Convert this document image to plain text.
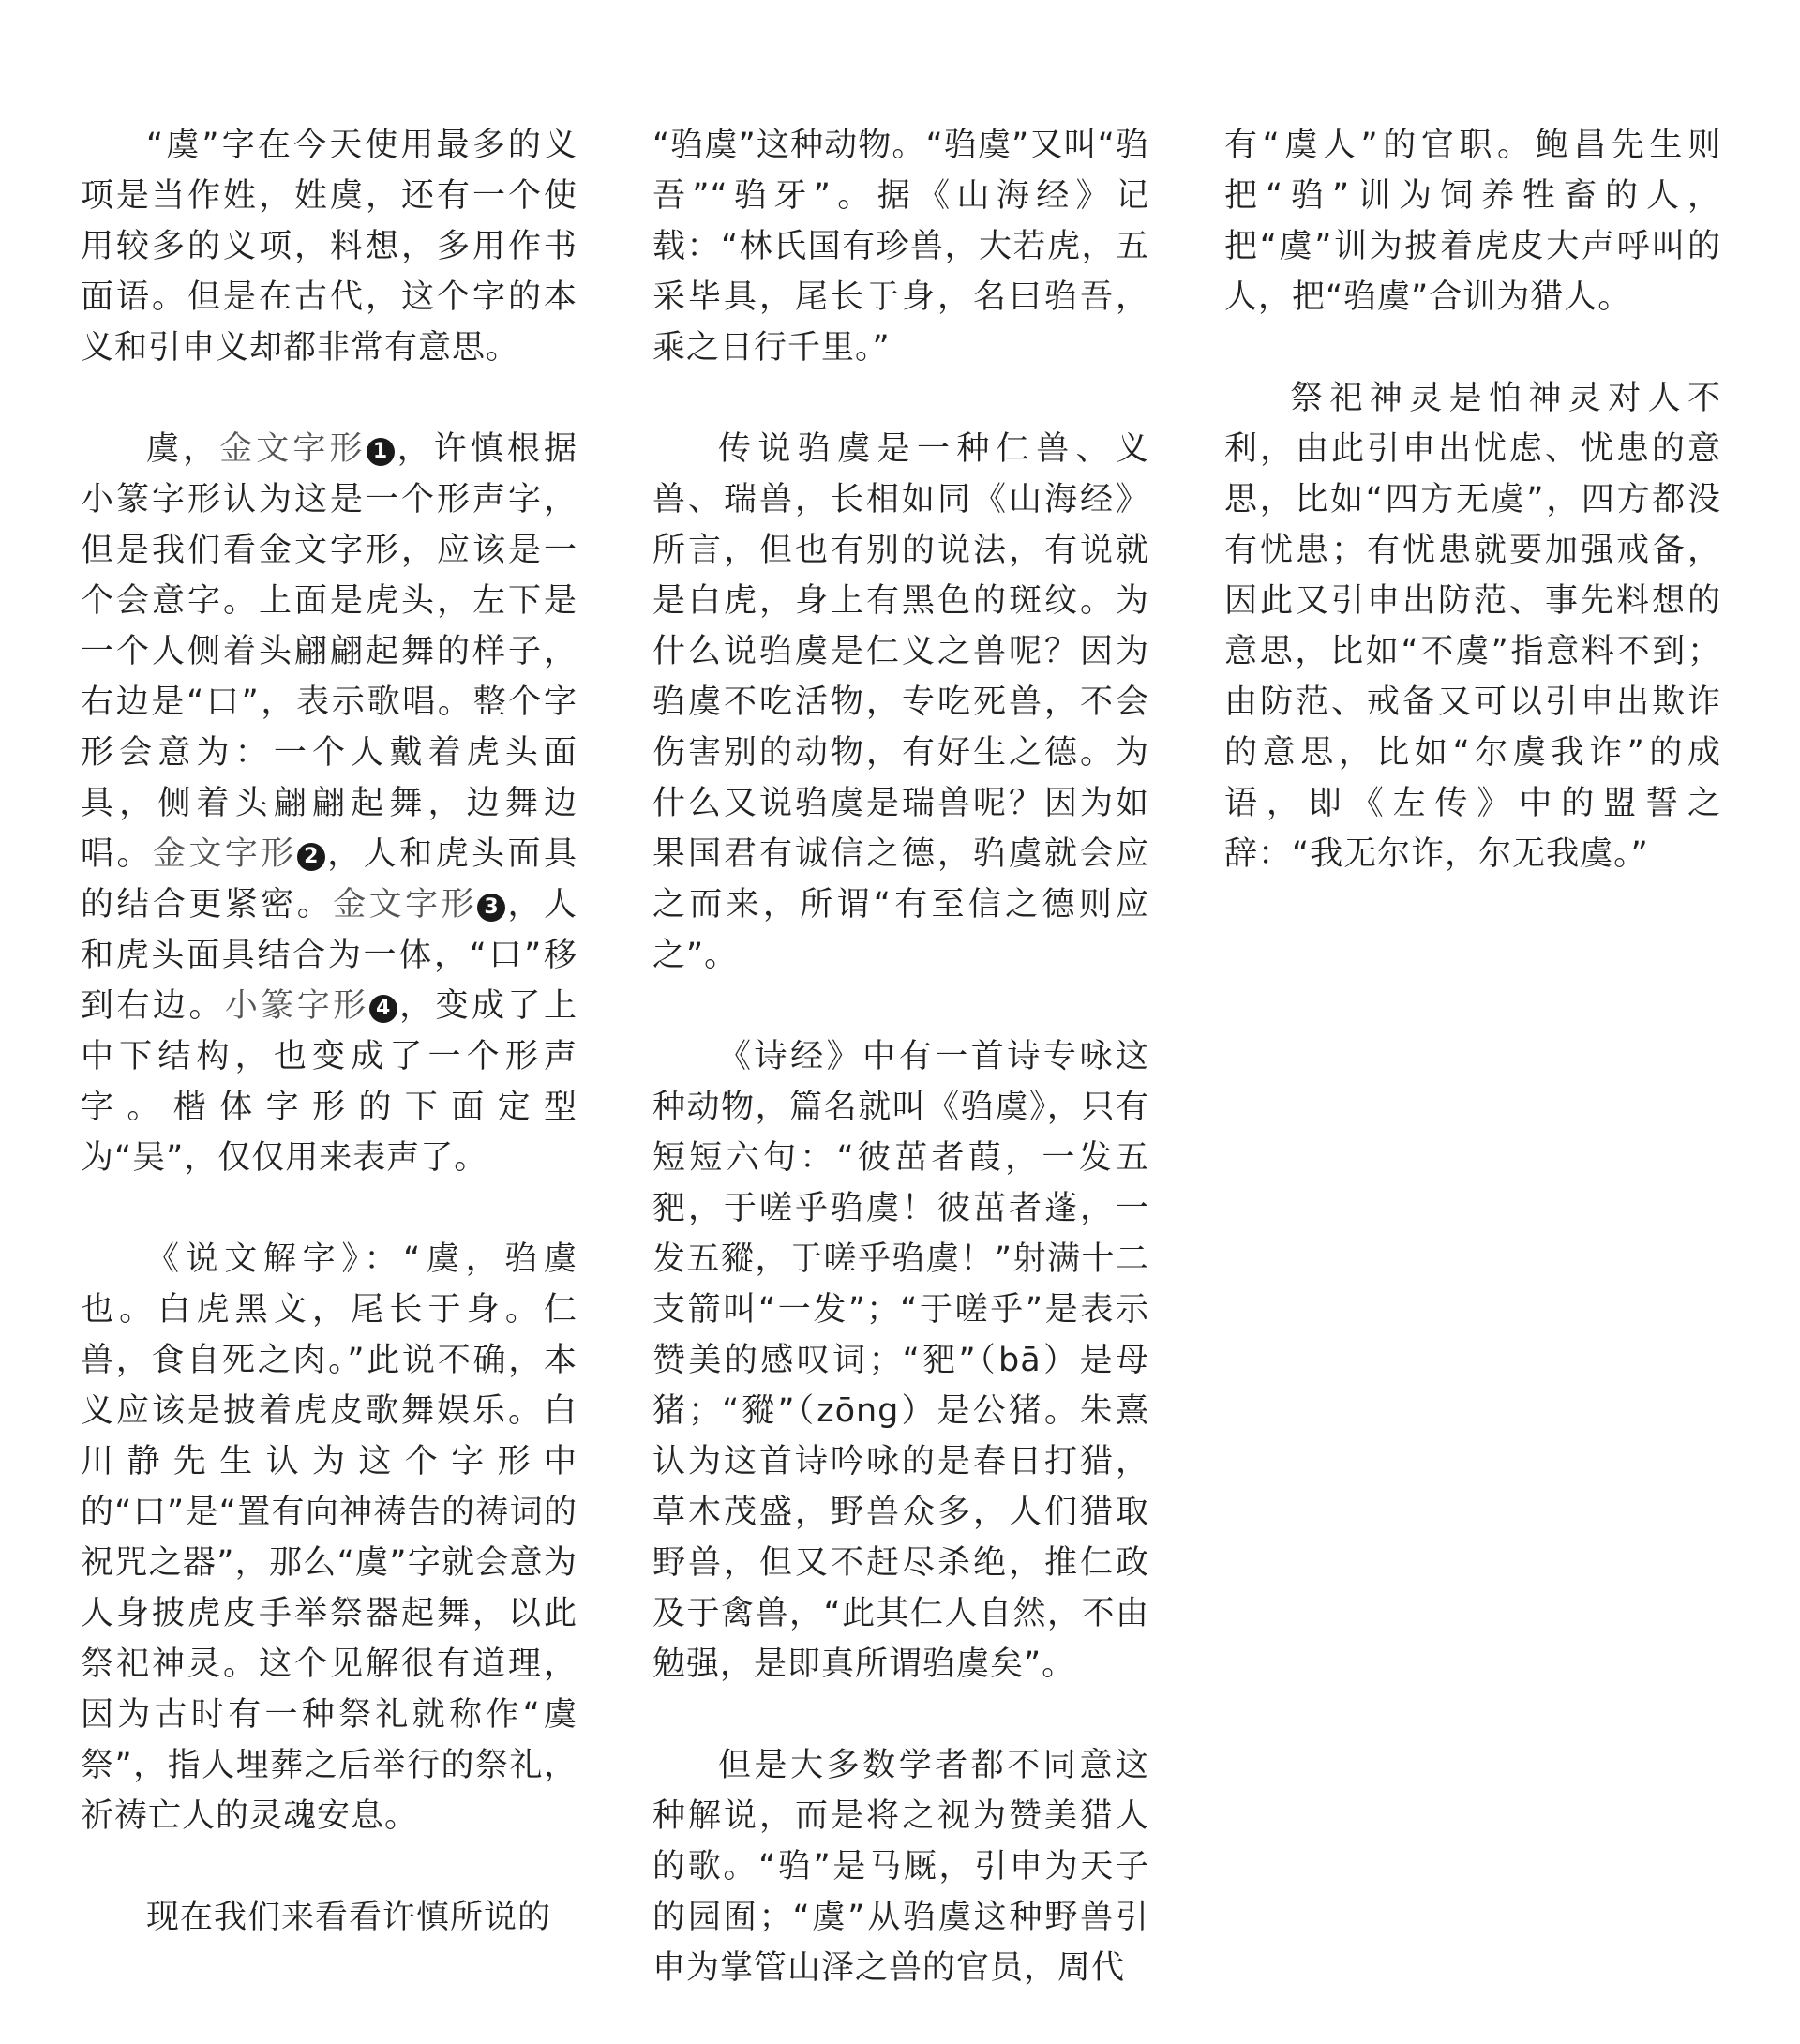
“虞”字在今天使用最多的义项是当作姓，姓虞，还有一个使用较多的义项，料想，多用作书面语。但是在古代，这个字的本义和引申义却都非常有意思。

虞，金文字形 1 ，许慎根据小篆字形认为这是一个形声字，但是我们看金文字形，应该是一个会意字。上面是虎头，左下是一个人侧着头翩翩起舞的样子，右边是“口”，表示歌唱。整个字形会意为：一个人戴着虎头面具，侧着头翩翩起舞，边舞边唱。金文字形 2 ，人和虎头面具的结合更紧密。金文字形 3 ，人和虎头面具结合为一体，“口”移到右边。小篆字形 4 ，变成了上中下结构，也变成了一个形声字。楷体字形的下面定型为“吴”，仅仅用来表声了。

《说文解字》：“虞，驺虞也。白虎黑文，尾长于身。仁兽，食自死之肉。”此说不确，本义应该是披着虎皮歌舞娱乐。白川静先生认为这个字形中的“口”是“置有向神祷告的祷词的祝咒之器”，那么“虞”字就会意为人身披虎皮手举祭器起舞，以此祭祀神灵。这个见解很有道理，因为古时有一种祭礼就称作“虞祭”，指人埋葬之后举行的祭礼，祈祷亡人的灵魂安息。

现在我们来看看许慎所说的

“驺虞”这种动物。“驺虞”又叫“驺吾”“驺牙”。据《山海经》记载：“林氏国有珍兽，大若虎，五采毕具，尾长于身，名曰驺吾，乘之日行千里。”

传说驺虞是一种仁兽、义兽、瑞兽，长相如同《山海经》所言，但也有别的说法，有说就是白虎，身上有黑色的斑纹。为什么说驺虞是仁义之兽呢？因为驺虞不吃活物，专吃死兽，不会伤害别的动物，有好生之德。为什么又说驺虞是瑞兽呢？因为如果国君有诚信之德，驺虞就会应之而来，所谓“有至信之德则应之”。

《诗经》中有一首诗专咏这种动物，篇名就叫《驺虞》，只有短短六句：“彼茁者葭，一发五豝，于嗟乎驺虞！彼茁者蓬，一发五豵，于嗟乎驺虞！”射满十二支箭叫“一发”；“于嗟乎”是表示赞美的感叹词；“豝”（bā）是母猪；“豵”（zōng）是公猪。朱熹认为这首诗吟咏的是春日打猎，草木茂盛，野兽众多，人们猎取野兽，但又不赶尽杀绝，推仁政及于禽兽，“此其仁人自然，不由勉强，是即真所谓驺虞矣”。

但是大多数学者都不同意这种解说，而是将之视为赞美猎人的歌。“驺”是马厩，引申为天子的园囿；“虞”从驺虞这种野兽引申为掌管山泽之兽的官员，周代

有“虞人”的官职。鲍昌先生则把“驺”训为饲养牲畜的人，把“虞”训为披着虎皮大声呼叫的人，把“驺虞”合训为猎人。

祭祀神灵是怕神灵对人不利，由此引申出忧虑、忧患的意思，比如“四方无虞”，四方都没有忧患；有忧患就要加强戒备，因此又引申出防范、事先料想的意思，比如“不虞”指意料不到；由防范、戒备又可以引申出欺诈的意思，比如“尔虞我诈”的成语，即《左传》中的盟誓之辞：“我无尔诈，尔无我虞。”
